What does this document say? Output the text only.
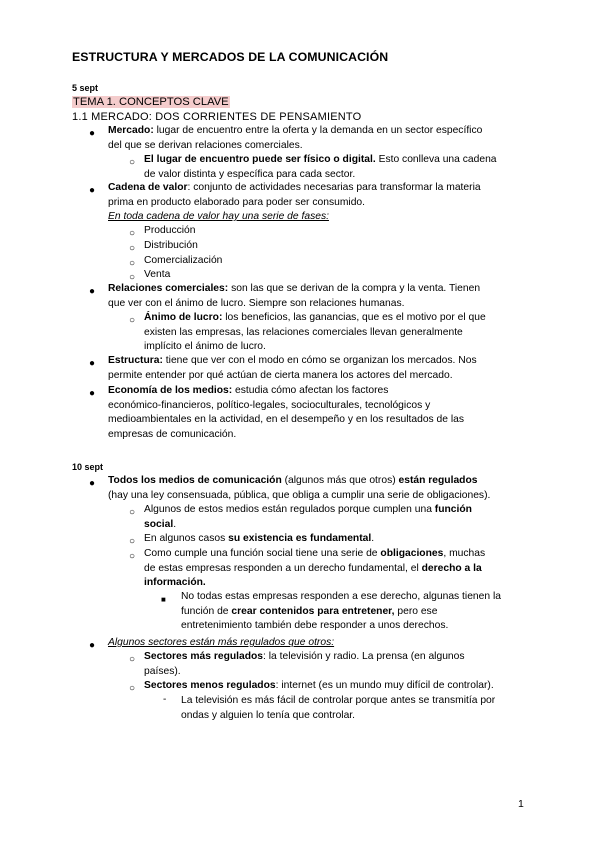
ESTRUCTURA Y MERCADOS DE LA COMUNICACIÓN
5 sept
TEMA 1. CONCEPTOS CLAVE
1.1 MERCADO: DOS CORRIENTES DE PENSAMIENTO
● Mercado: lugar de encuentro entre la oferta y la demanda en un sector específico
del que se derivan relaciones comerciales.
○ El lugar de encuentro puede ser físico o digital. Esto conlleva una cadena
de valor distinta y específica para cada sector.
● Cadena de valor: conjunto de actividades necesarias para transformar la materia
prima en producto elaborado para poder ser consumido.
En toda cadena de valor hay una serie de fases:
○ Producción
○ Distribución
○ Comercialización
○ Venta
● Relaciones comerciales: son las que se derivan de la compra y la venta. Tienen
que ver con el ánimo de lucro. Siempre son relaciones humanas.
○ Ánimo de lucro: los beneficios, las ganancias, que es el motivo por el que
existen las empresas, las relaciones comerciales llevan generalmente
implícito el ánimo de lucro.
● Estructura: tiene que ver con el modo en cómo se organizan los mercados. Nos
permite entender por qué actúan de cierta manera los actores del mercado.
● Economía de los medios: estudia cómo afectan los factores
económico-financieros, político-legales, socioculturales, tecnológicos y
medioambientales en la actividad, en el desempeño y en los resultados de las
empresas de comunicación.
10 sept
● Todos los medios de comunicación (algunos más que otros) están regulados
(hay una ley consensuada, pública, que obliga a cumplir una serie de obligaciones).
○ Algunos de estos medios están regulados porque cumplen una función
social.
○ En algunos casos su existencia es fundamental.
○ Como cumple una función social tiene una serie de obligaciones, muchas
de estas empresas responden a un derecho fundamental, el derecho a la
información.
■ No todas estas empresas responden a ese derecho, algunas tienen la
función de crear contenidos para entretener, pero ese
entretenimiento también debe responder a unos derechos.
● Algunos sectores están más regulados que otros:
○ Sectores más regulados: la televisión y radio. La prensa (en algunos
países).
○ Sectores menos regulados: internet (es un mundo muy difícil de controlar).
- La televisión es más fácil de controlar porque antes se transmitía por
ondas y alguien lo tenía que controlar.
1
